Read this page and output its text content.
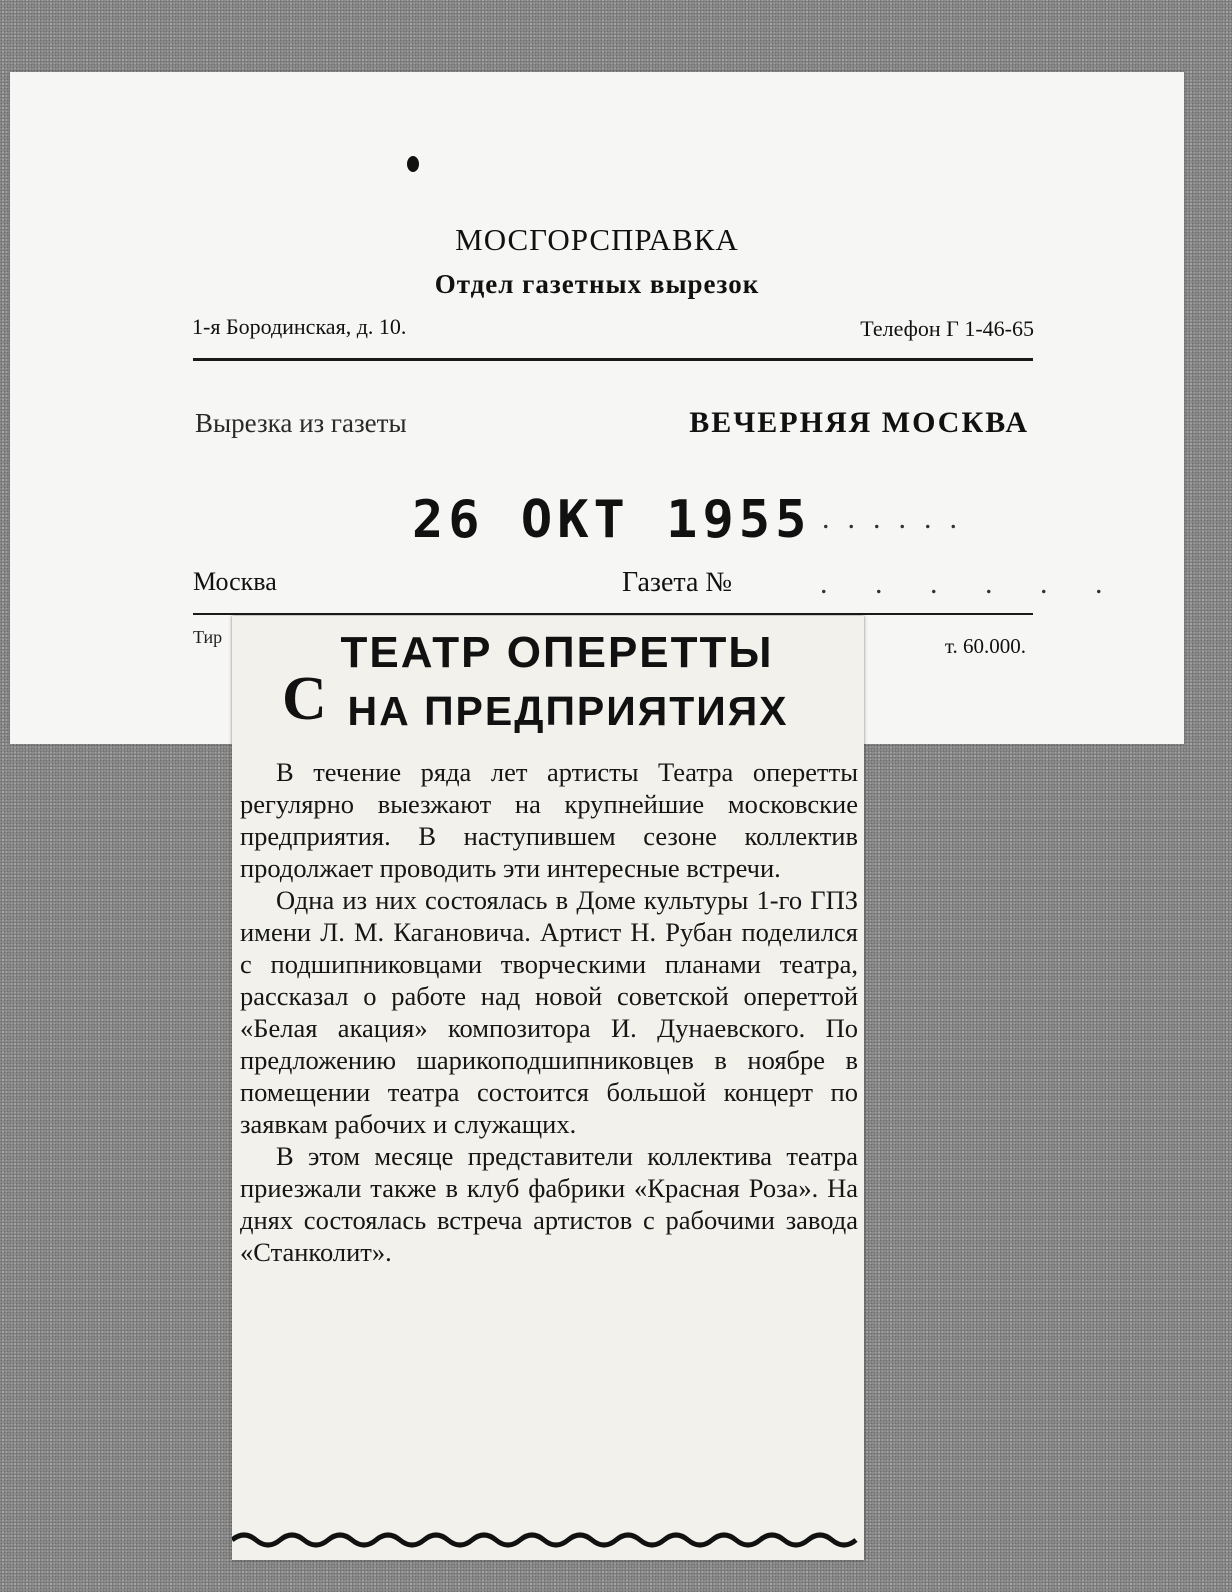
МОСГОРСПРАВКА
Отдел газетных вырезок
1-я Бородинская, д. 10.	Телефон Г 1-46-65
Вырезка из газеты	ВЕЧЕРНЯЯ МОСКВА
26 OKT 1955 ......
Москва	Газета №	. . . . . .
Тир	т. 60.000.
С
ТЕАТР ОПЕРЕТТЫ
НА ПРЕДПРИЯТИЯХ

В течение ряда лет артисты Театра оперетты регулярно выезжают на крупнейшие московские предприятия. В наступившем сезоне коллектив продолжает проводить эти интересные встречи.

Одна из них состоялась в Доме культуры 1-го ГПЗ имени Л. М. Кагановича. Артист Н. Рубан поделился с подшипниковцами творческими планами театра, рассказал о работе над новой советской опереттой «Белая акация» композитора И. Дунаевского. По предложению шарикоподшипниковцев в ноябре в помещении театра состоится большой концерт по заявкам рабочих и служащих.

В этом месяце представители коллектива театра приезжали также в клуб фабрики «Красная Роза». На днях состоялась встреча артистов с рабочими завода «Станколит».
